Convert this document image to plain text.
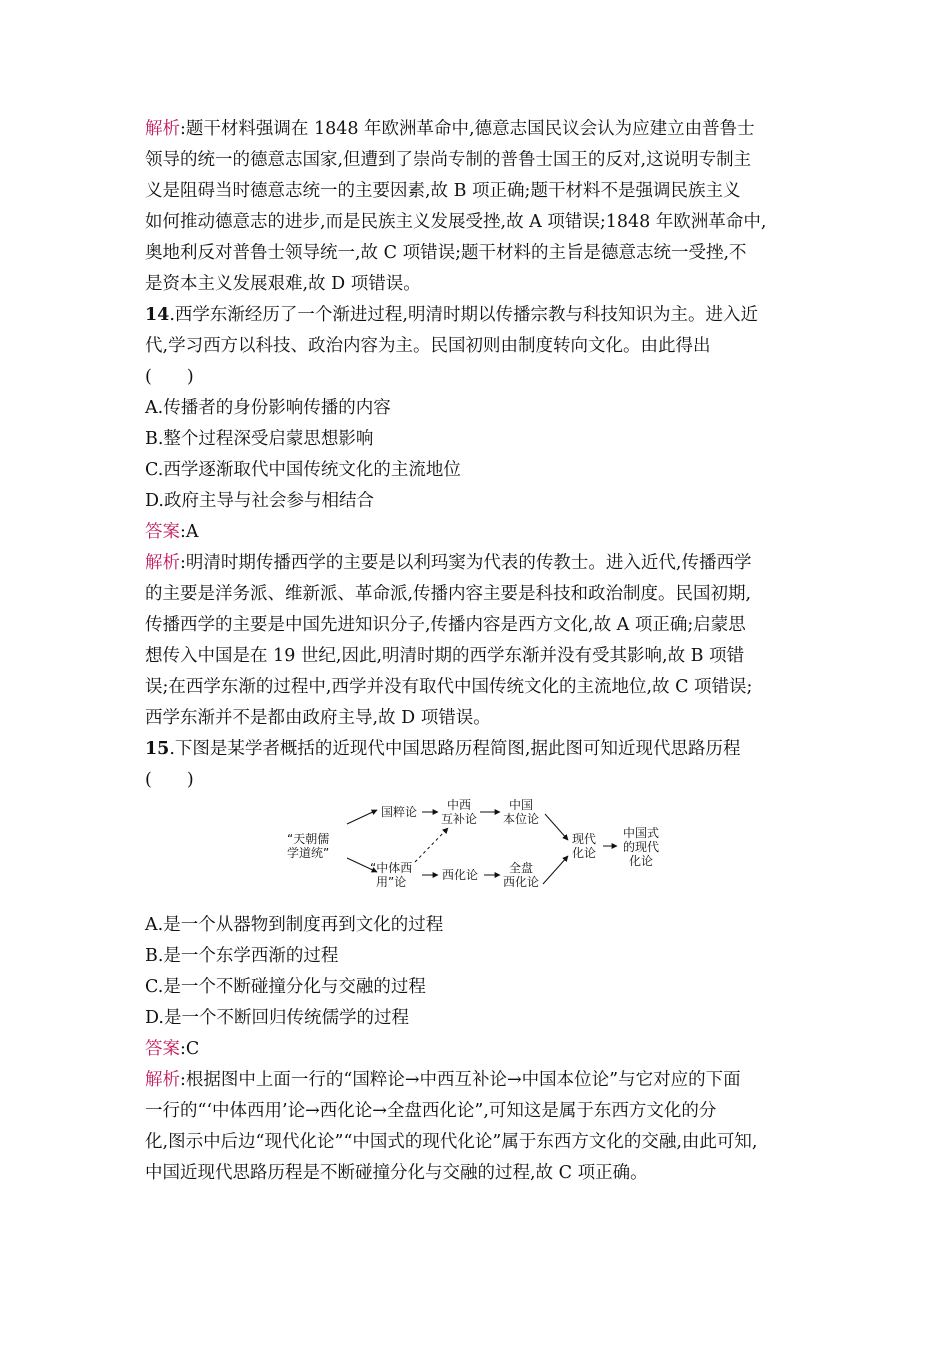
解析:题干材料强调在 1848 年欧洲革命中,德意志国民议会认为应建立由普鲁士
领导的统一的德意志国家,但遭到了崇尚专制的普鲁士国王的反对,这说明专制主
义是阻碍当时德意志统一的主要因素,故 B 项正确;题干材料不是强调民族主义
如何推动德意志的进步,而是民族主义发展受挫,故 A 项错误;1848 年欧洲革命中,
奥地利反对普鲁士领导统一,故 C 项错误;题干材料的主旨是德意志统一受挫,不
是资本主义发展艰难,故 D 项错误。
14.西学东渐经历了一个渐进过程,明清时期以传播宗教与科技知识为主。进入近
代,学习西方以科技、政治内容为主。民国初则由制度转向文化。由此得出
(　　)
A.传播者的身份影响传播的内容
B.整个过程深受启蒙思想影响
C.西学逐渐取代中国传统文化的主流地位
D.政府主导与社会参与相结合
答案:A
解析:明清时期传播西学的主要是以利玛窦为代表的传教士。进入近代,传播西学
的主要是洋务派、维新派、革命派,传播内容主要是科技和政治制度。民国初期,
传播西学的主要是中国先进知识分子,传播内容是西方文化,故 A 项正确;启蒙思
想传入中国是在 19 世纪,因此,明清时期的西学东渐并没有受其影响,故 B 项错
误;在西学东渐的过程中,西学并没有取代中国传统文化的主流地位,故 C 项错误;
西学东渐并不是都由政府主导,故 D 项错误。
15.下图是某学者概括的近现代中国思路历程简图,据此图可知近现代思路历程
(　　)
“天朝儒
学道统”
国粹论	中西
互补论
中国
本位论
“中体西
用”论	西化论	全盘
西化论
现代
化论
中国式
的现代
化论
A.是一个从器物到制度再到文化的过程
B.是一个东学西渐的过程
C.是一个不断碰撞分化与交融的过程
D.是一个不断回归传统儒学的过程
答案:C
解析:根据图中上面一行的“国粹论→中西互补论→中国本位论”与它对应的下面
一行的“‘中体西用’论→西化论→全盘西化论”,可知这是属于东西方文化的分
化,图示中后边“现代化论”“中国式的现代化论”属于东西方文化的交融,由此可知,
中国近现代思路历程是不断碰撞分化与交融的过程,故 C 项正确。
